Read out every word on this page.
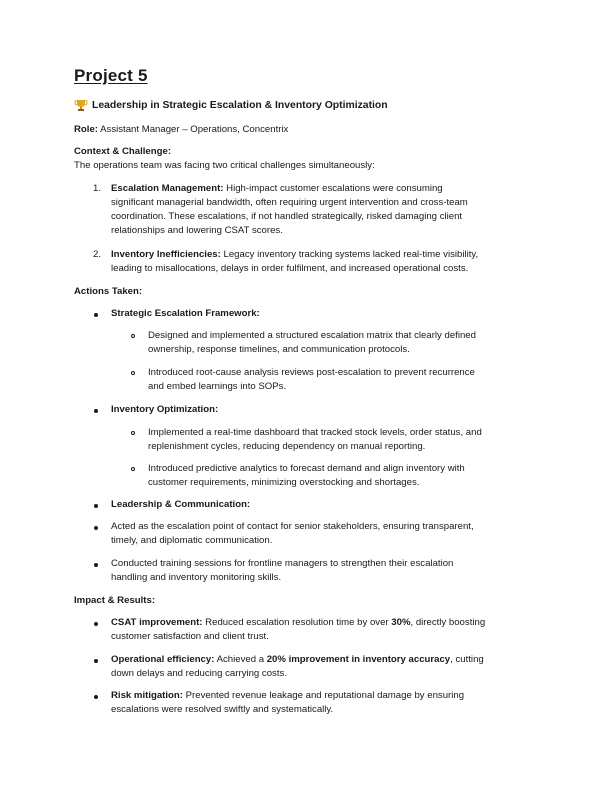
Project 5
Leadership in Strategic Escalation & Inventory Optimization
Role: Assistant Manager – Operations, Concentrix
Context & Challenge:
The operations team was facing two critical challenges simultaneously:
1. Escalation Management: High-impact customer escalations were consuming
significant managerial bandwidth, often requiring urgent intervention and cross-team
coordination. These escalations, if not handled strategically, risked damaging client
relationships and lowering CSAT scores.
2. Inventory Inefficiencies: Legacy inventory tracking systems lacked real-time visibility,
leading to misallocations, delays in order fulfilment, and increased operational costs.
Actions Taken:
Strategic Escalation Framework:
Designed and implemented a structured escalation matrix that clearly defined
ownership, response timelines, and communication protocols.
Introduced root-cause analysis reviews post-escalation to prevent recurrence
and embed learnings into SOPs.
Inventory Optimization:
Implemented a real-time dashboard that tracked stock levels, order status, and
replenishment cycles, reducing dependency on manual reporting.
Introduced predictive analytics to forecast demand and align inventory with
customer requirements, minimizing overstocking and shortages.
Leadership & Communication:
Acted as the escalation point of contact for senior stakeholders, ensuring transparent,
timely, and diplomatic communication.
Conducted training sessions for frontline managers to strengthen their escalation
handling and inventory monitoring skills.
Impact & Results:
CSAT improvement: Reduced escalation resolution time by over 30%, directly boosting
customer satisfaction and client trust.
Operational efficiency: Achieved a 20% improvement in inventory accuracy, cutting
down delays and reducing carrying costs.
Risk mitigation: Prevented revenue leakage and reputational damage by ensuring
escalations were resolved swiftly and systematically.
